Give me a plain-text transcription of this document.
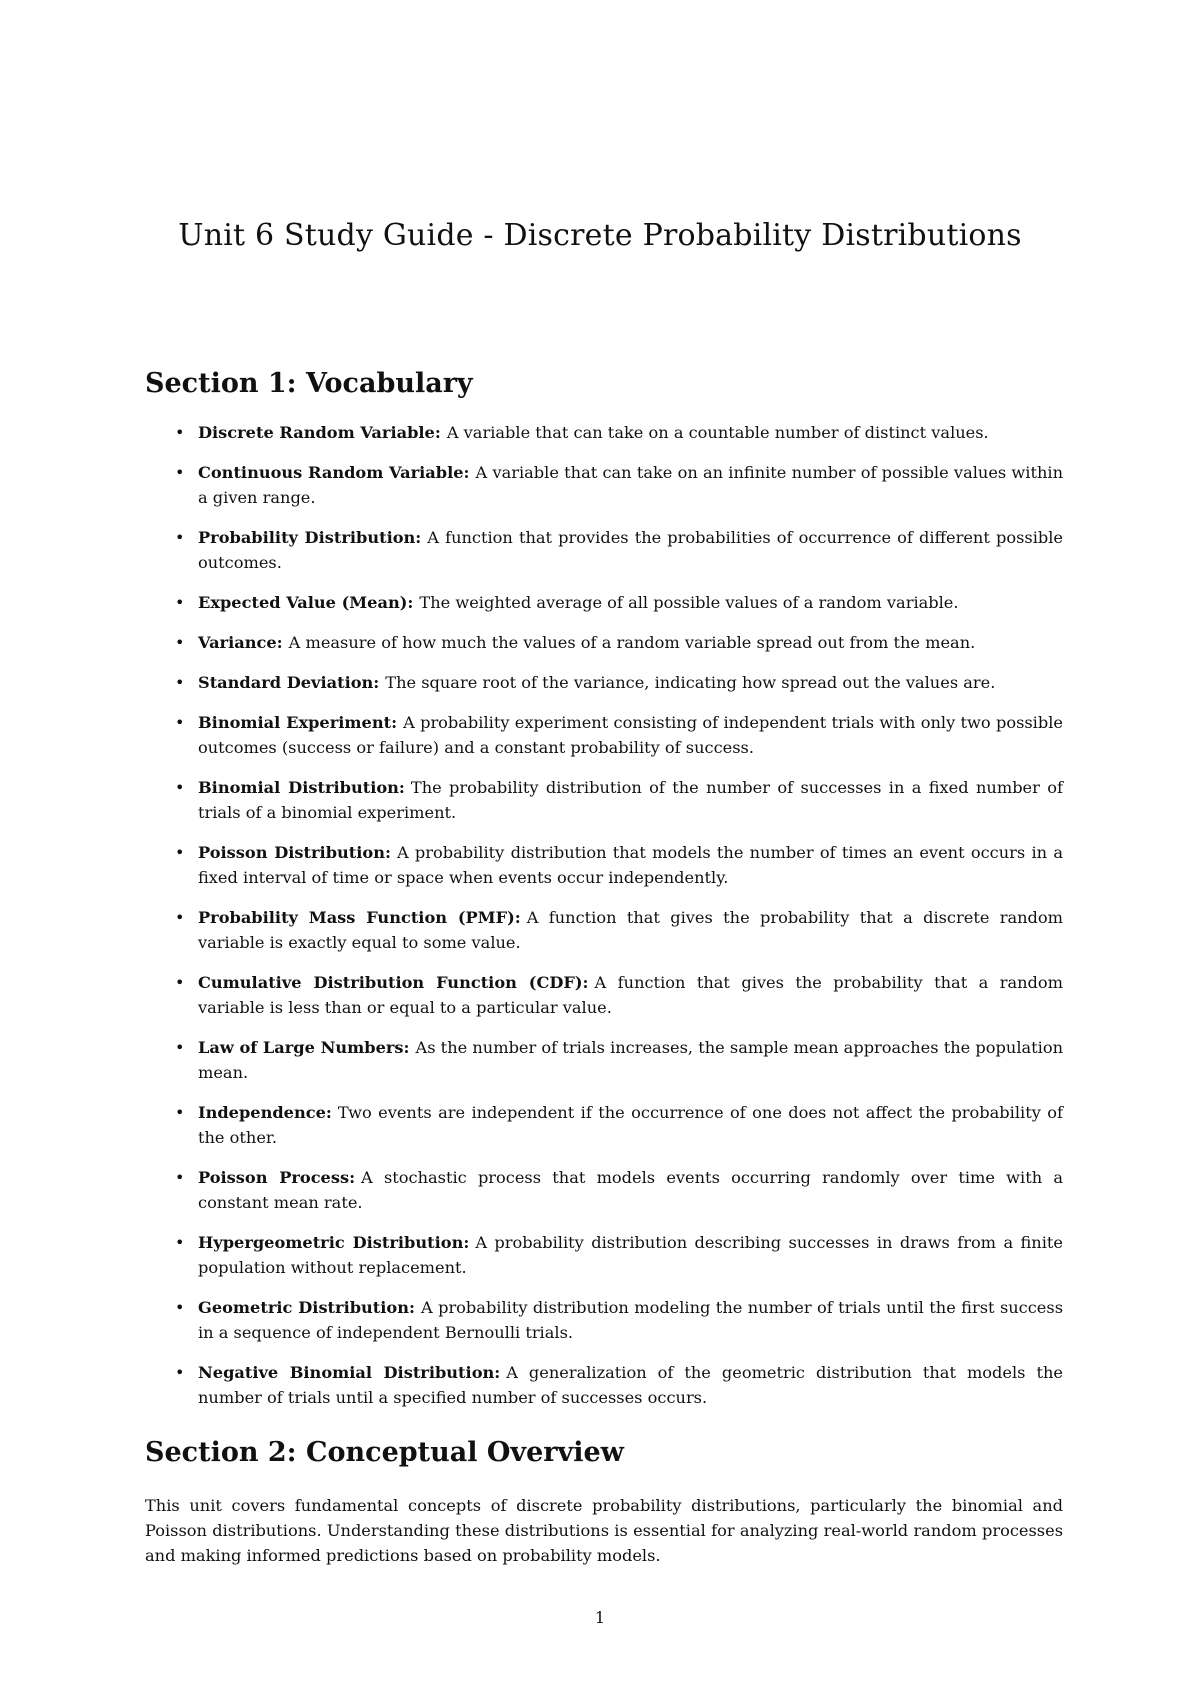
Unit 6 Study Guide - Discrete Probability Distributions
Section 1: Vocabulary
• Discrete Random Variable: A variable that can take on a countable number of distinct values.
• Continuous Random Variable: A variable that can take on an infinite number of possible values within a given range.
• Probability Distribution: A function that provides the probabilities of occurrence of different possible outcomes.
• Expected Value (Mean): The weighted average of all possible values of a random variable.
• Variance: A measure of how much the values of a random variable spread out from the mean.
• Standard Deviation: The square root of the variance, indicating how spread out the values are.
• Binomial Experiment: A probability experiment consisting of independent trials with only two possible outcomes (success or failure) and a constant probability of success.
• Binomial Distribution: The probability distribution of the number of successes in a fixed number of trials of a binomial experiment.
• Poisson Distribution: A probability distribution that models the number of times an event occurs in a fixed interval of time or space when events occur independently.
• Probability Mass Function (PMF): A function that gives the probability that a discrete random variable is exactly equal to some value.
• Cumulative Distribution Function (CDF): A function that gives the probability that a random variable is less than or equal to a particular value.
• Law of Large Numbers: As the number of trials increases, the sample mean approaches the population mean.
• Independence: Two events are independent if the occurrence of one does not affect the probability of the other.
• Poisson Process: A stochastic process that models events occurring randomly over time with a constant mean rate.
• Hypergeometric Distribution: A probability distribution describing successes in draws from a finite population without replacement.
• Geometric Distribution: A probability distribution modeling the number of trials until the first success in a sequence of independent Bernoulli trials.
• Negative Binomial Distribution: A generalization of the geometric distribution that models the number of trials until a specified number of successes occurs.
Section 2: Conceptual Overview

This unit covers fundamental concepts of discrete probability distributions, particularly the binomial and Poisson distributions. Understanding these distributions is essential for analyzing real-world random processes and making informed predictions based on probability models.

1
